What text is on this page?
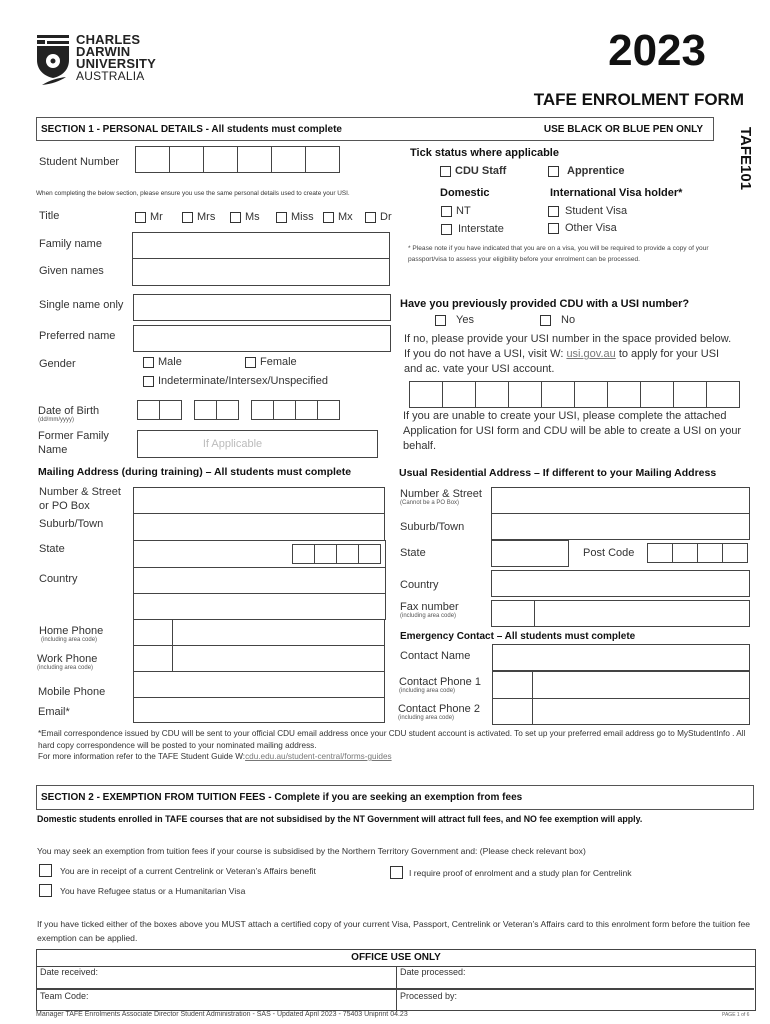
CHARLES
DARWIN
UNIVERSITY
AUSTRALIA
2023
TAFE ENROLMENT FORM
TAFE101
SECTION 1 - PERSONAL DETAILS - All students must complete	USE BLACK OR BLUE PEN ONLY
Student Number
When completing the below section, please ensure you use the same personal details used to create your USI.
Title	Mr	Mrs	Ms	Miss Mx Dr
Family name
Given names
Single name only
Preferred name
Gender	Male	Female
Indeterminate/Intersex/Unspecified
Date of Birth
(dd/mm/yyyy)
Former Family Name	If Applicable
Tick status where applicable
CDU Staff	Apprentice
Domestic	International Visa holder*
NT
Interstate
Student Visa
Other Visa
* Please note if you have indicated that you are on a visa, you will be required to provide a copy of your passport/visa to assess your eligibility before your enrolment can be processed.
Have you previously provided CDU with a USI number?
Yes	No
If no, please provide your USI number in the space provided below. If you do not have a USI, visit W: usi.gov.au to apply for your USI and ac. vate your USI account.
If you are unable to create your USI, please complete the attached Application for USI form and CDU will be able to create a USI on your behalf.
Mailing Address (during training) – All students must complete
Number & Street or PO Box
Suburb/Town
State
Country
Home Phone
(including area code)
Work Phone
(including area code)
Mobile Phone
Email*
Usual Residential Address – If different to your Mailing Address
Number & Street
(Cannot be a PO Box)
Suburb/Town
State	Post Code
Country
Fax number
(including area code)
Emergency Contact – All students must complete
Contact Name
Contact Phone 1
(including area code)
Contact Phone 2
(including area code)
*Email correspondence issued by CDU will be sent to your official CDU email address once your CDU student account is activated. To set up your preferred email address go to MyStudentInfo . All hard copy correspondence will be posted to your nominated mailing address.
For more information refer to the TAFE Student Guide W:cdu.edu.au/student-central/forms-guides
SECTION 2 - EXEMPTION FROM TUITION FEES - Complete if you are seeking an exemption from fees
Domestic students enrolled in TAFE courses that are not subsidised by the NT Government will attract full fees, and NO fee exemption will apply.
You may seek an exemption from tuition fees if your course is subsidised by the Northern Territory Government and: (Please check relevant box)
You are in receipt of a current Centrelink or Veteran’s Affairs benefit	I require proof of enrolment and a study plan for Centrelink
You have Refugee status or a Humanitarian Visa
If you have ticked either of the boxes above you MUST attach a certified copy of your current Visa, Passport, Centrelink or Veteran’s Affairs card to this enrolment form before the tuition fee exemption can be applied.
OFFICE USE ONLY
Date received:	Date processed:
Team Code:	Processed by:
Manager TAFE Enrolments Associate Director Student Administration - SAS - Updated April 2023 - 75403 Uniprint 04.23	PAGE 1 of 6
